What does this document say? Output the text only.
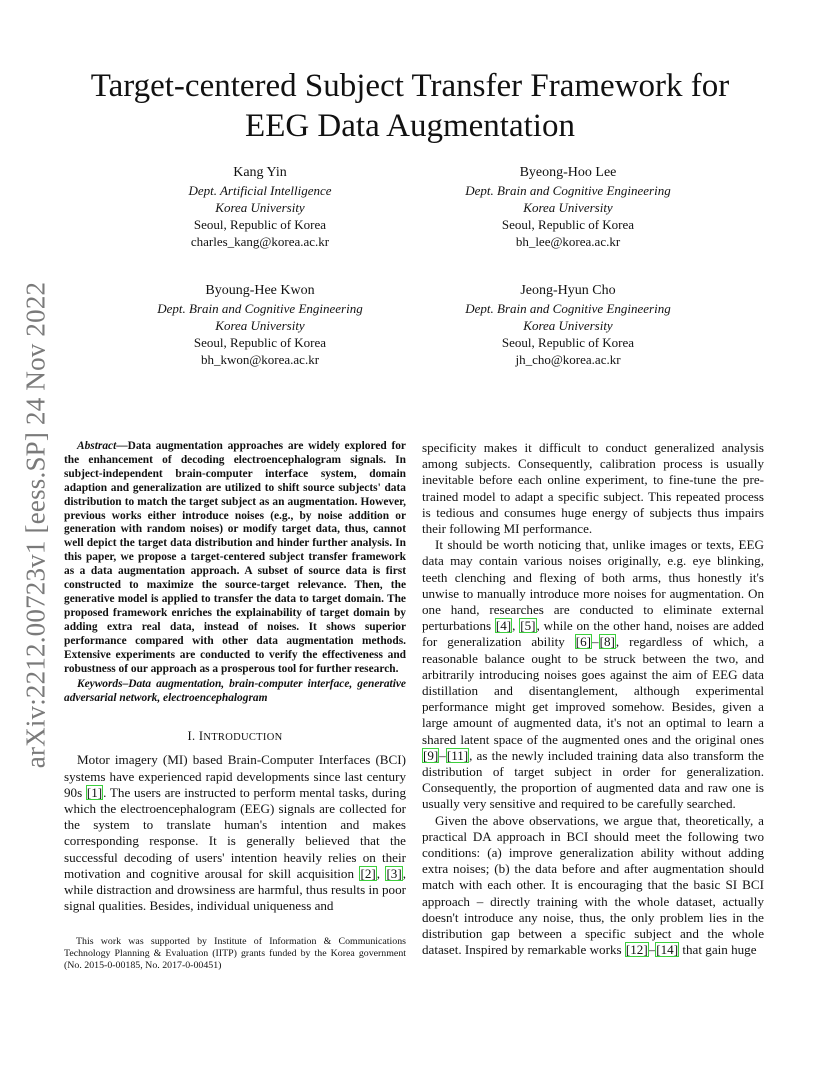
arXiv:2212.00723v1 [eess.SP] 24 Nov 2022
Target-centered Subject Transfer Framework for
EEG Data Augmentation
Kang Yin
Dept. Artificial Intelligence
Korea University
Seoul, Republic of Korea
charles_kang@korea.ac.kr
Byeong-Hoo Lee
Dept. Brain and Cognitive Engineering
Korea University
Seoul, Republic of Korea
bh_lee@korea.ac.kr
Byoung-Hee Kwon
Dept. Brain and Cognitive Engineering
Korea University
Seoul, Republic of Korea
bh_kwon@korea.ac.kr
Jeong-Hyun Cho
Dept. Brain and Cognitive Engineering
Korea University
Seoul, Republic of Korea
jh_cho@korea.ac.kr

Abstract—Data augmentation approaches are widely explored for the enhancement of decoding electroencephalogram signals. In subject-independent brain-computer interface system, domain adaption and generalization are utilized to shift source subjects' data distribution to match the target subject as an augmentation. However, previous works either introduce noises (e.g., by noise addition or generation with random noises) or modify target data, thus, cannot well depict the target data distribution and hinder further analysis. In this paper, we propose a target-centered subject transfer framework as a data augmentation approach. A subset of source data is first constructed to maximize the source-target relevance. Then, the generative model is applied to transfer the data to target domain. The proposed framework enriches the explainability of target domain by adding extra real data, instead of noises. It shows superior performance compared with other data augmentation methods. Extensive experiments are conducted to verify the effectiveness and robustness of our approach as a prosperous tool for further research.

Keywords–Data augmentation, brain-computer interface, generative adversarial network, electroencephalogram

I. INTRODUCTION

Motor imagery (MI) based Brain-Computer Interfaces (BCI) systems have experienced rapid developments since last century 90s [1]. The users are instructed to perform mental tasks, during which the electroencephalogram (EEG) signals are collected for the system to translate human's intention and makes corresponding response. It is generally believed that the successful decoding of users' intention heavily relies on their motivation and cognitive arousal for skill acquisition [2], [3], while distraction and drowsiness are harmful, thus results in poor signal qualities. Besides, individual uniqueness and

This work was supported by Institute of Information & Communications Technology Planning & Evaluation (IITP) grants funded by the Korea government (No. 2015-0-00185, No. 2017-0-00451)

specificity makes it difficult to conduct generalized analysis among subjects. Consequently, calibration process is usually inevitable before each online experiment, to fine-tune the pre-trained model to adapt a specific subject. This repeated process is tedious and consumes huge energy of subjects thus impairs their following MI performance.

It should be worth noticing that, unlike images or texts, EEG data may contain various noises originally, e.g. eye blinking, teeth clenching and flexing of both arms, thus honestly it's unwise to manually introduce more noises for augmentation. On one hand, researches are conducted to eliminate external perturbations [4], [5], while on the other hand, noises are added for generalization ability [6]–[8], regardless of which, a reasonable balance ought to be struck between the two, and arbitrarily introducing noises goes against the aim of EEG data distillation and disentanglement, although experimental performance might get improved somehow. Besides, given a large amount of augmented data, it's not an optimal to learn a shared latent space of the augmented ones and the original ones [9]–[11], as the newly included training data also transform the distribution of target subject in order for generalization. Consequently, the proportion of augmented data and raw one is usually very sensitive and required to be carefully searched.

Given the above observations, we argue that, theoretically, a practical DA approach in BCI should meet the following two conditions: (a) improve generalization ability without adding extra noises; (b) the data before and after augmentation should match with each other. It is encouraging that the basic SI BCI approach – directly training with the whole dataset, actually doesn't introduce any noise, thus, the only problem lies in the distribution gap between a specific subject and the whole dataset. Inspired by remarkable works [12]–[14] that gain huge
